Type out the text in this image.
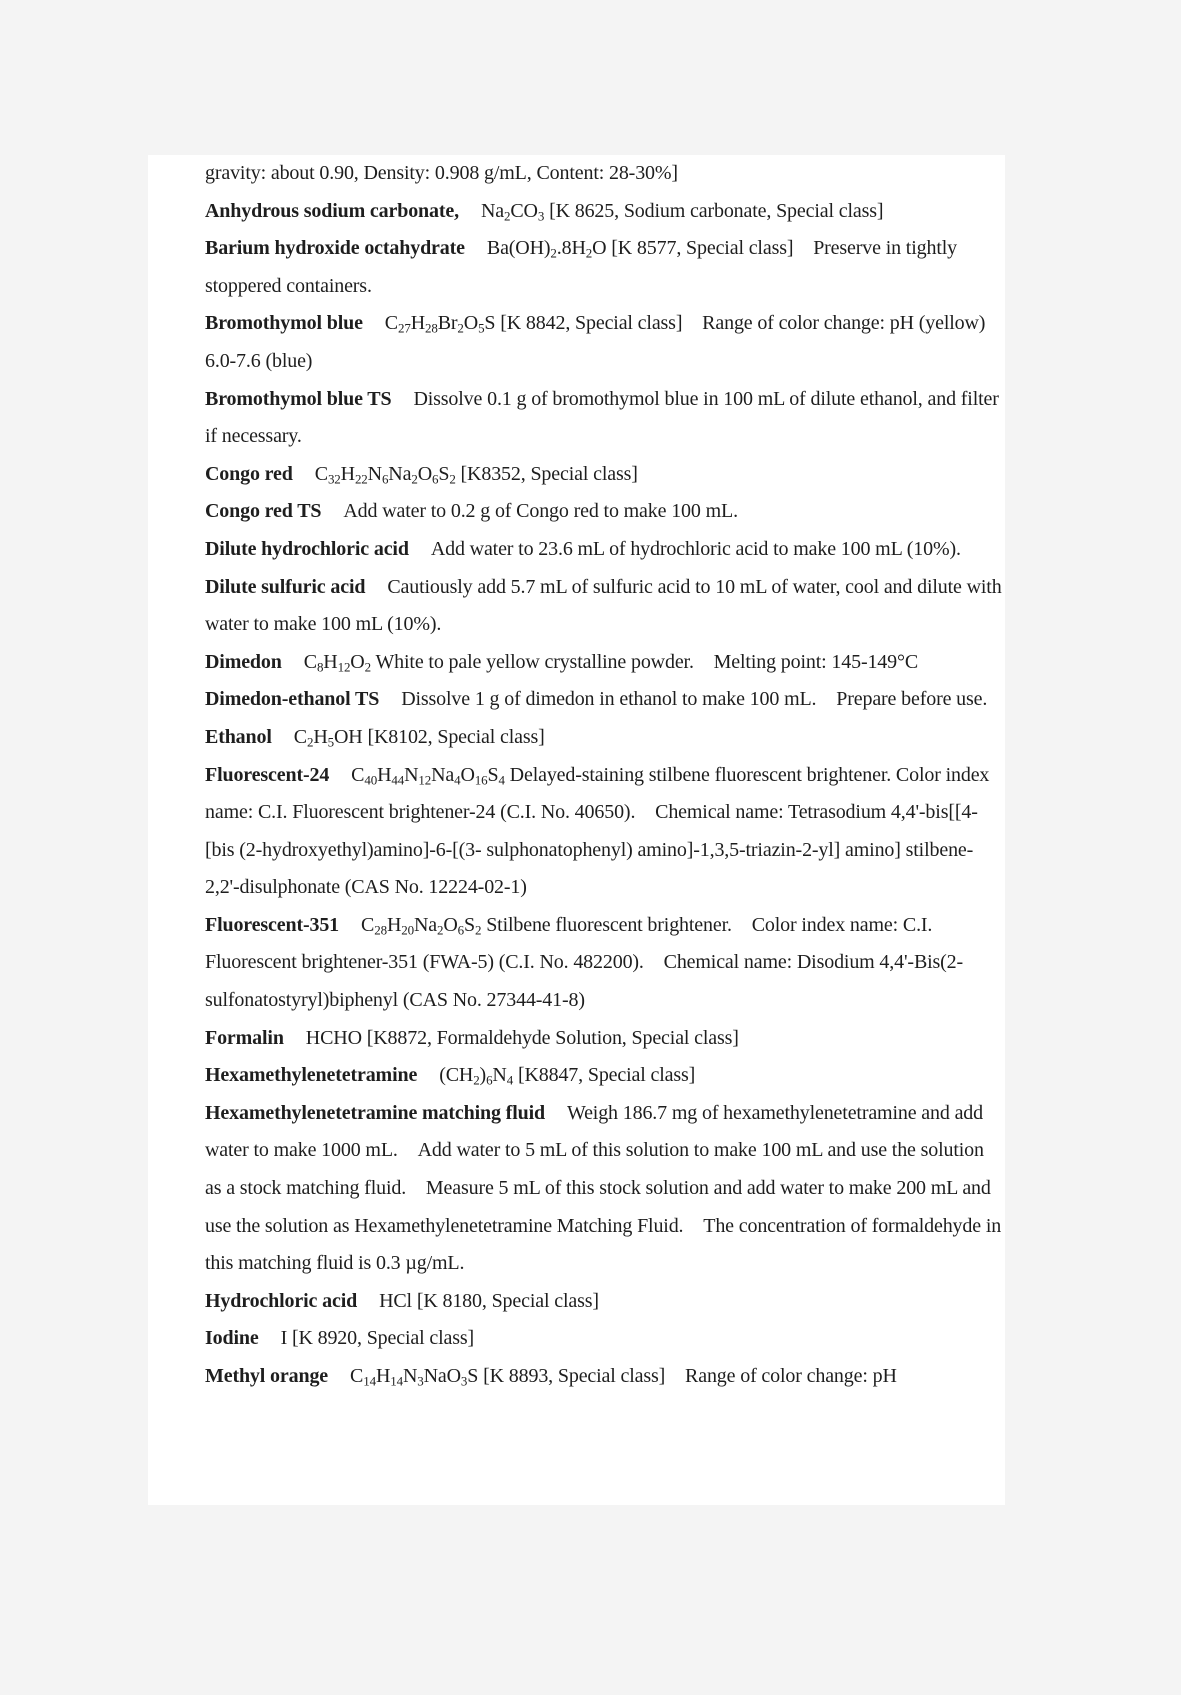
gravity: about 0.90, Density: 0.908 g/mL, Content: 28-30%]

Anhydrous sodium carbonate, $Na_2CO_3$ [K 8625, Sodium carbonate, Special class]

Barium hydroxide octahydrate $Ba(OH)_2.8H_2O$ [K 8577, Special class] Preserve in tightly stoppered containers.

Bromothymol blue $C_{27}H_{28}Br_2O_5S$ [K 8842, Special class] Range of color change: pH (yellow) 6.0-7.6 (blue)

Bromothymol blue TS Dissolve 0.1 g of bromothymol blue in 100 mL of dilute ethanol, and filter if necessary.

Congo red $C_{32}H_{22}N_6Na_2O_6S_2$ [K8352, Special class]

Congo red TS Add water to 0.2 g of Congo red to make 100 mL.

Dilute hydrochloric acid Add water to 23.6 mL of hydrochloric acid to make 100 mL (10%).

Dilute sulfuric acid Cautiously add 5.7 mL of sulfuric acid to 10 mL of water, cool and dilute with water to make 100 mL (10%).

Dimedon $C_8H_{12}O_2$ White to pale yellow crystalline powder. Melting point: 145-149°C

Dimedon-ethanol TS Dissolve 1 g of dimedon in ethanol to make 100 mL. Prepare before use.

Ethanol $C_2H_5OH$ [K8102, Special class]

Fluorescent-24 $C_{40}H_{44}N_{12}Na_4O_{16}S_4$ Delayed-staining stilbene fluorescent brightener. Color index name: C.I. Fluorescent brightener-24 (C.I. No. 40650). Chemical name: Tetrasodium 4,4'-bis[[4-[bis (2-hydroxyethyl)amino]-6-[(3- sulphonatophenyl) amino]-1,3,5-triazin-2-yl] amino] stilbene-2,2'-disulphonate (CAS No. 12224-02-1)

Fluorescent-351 $C_{28}H_{20}Na_2O_6S_2$ Stilbene fluorescent brightener. Color index name: C.I. Fluorescent brightener-351 (FWA-5) (C.I. No. 482200). Chemical name: Disodium 4,4'-Bis(2-sulfonatostyryl)biphenyl (CAS No. 27344-41-8)

Formalin HCHO [K8872, Formaldehyde Solution, Special class]

Hexamethylenetetramine $(CH_2)_6N_4$ [K8847, Special class]

Hexamethylenetetramine matching fluid Weigh 186.7 mg of hexamethylenetetramine and add water to make 1000 mL. Add water to 5 mL of this solution to make 100 mL and use the solution as a stock matching fluid. Measure 5 mL of this stock solution and add water to make 200 mL and use the solution as Hexamethylenetetramine Matching Fluid. The concentration of formaldehyde in this matching fluid is 0.3 µg/mL.

Hydrochloric acid HCl [K 8180, Special class]

Iodine I [K 8920, Special class]

Methyl orange $C_{14}H_{14}N_3NaO_3S$ [K 8893, Special class] Range of color change: pH
